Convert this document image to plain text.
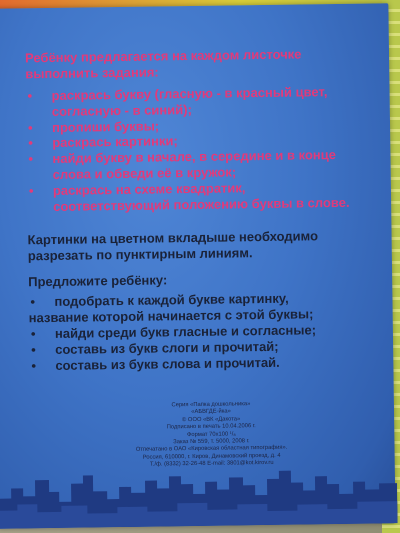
Ребёнку предлагается на каждом листочке выполнить задания:
• раскрась букву (гласную - в красный цвет, согласную - в синий);
• пропиши буквы;
• раскрась картинки;
• найди букву в начале, в середине и в конце слова и обведи её в кружок;
• раскрась на схеме квадратик, соответствующий положению буквы в слове.
Картинки на цветном вкладыше необходимо разрезать по пунктирным линиям.
Предложите ребёнку:
• подобрать к каждой букве картинку,
название которой начинается с этой буквы;
• найди среди букв гласные и согласные;
• составь из букв слоги и прочитай;
• составь из букв слова и прочитай.
Серия «Папка дошкольника»
«АБВГДЕ-йка»
© ООО «ВК «Дакота»
Подписано в печать 10.04.2006 г.
Формат 70х100 ¹/₈
Заказ № 559, т. 5000, 2008 г.
Отпечатано в ОАО «Кировская областная типография».
Россия, 610000, г. Киров, Динамовский проезд, д. 4
Т./ф. (8332) 32-26-48 E-mail: 3801@kot.kirov.ru
